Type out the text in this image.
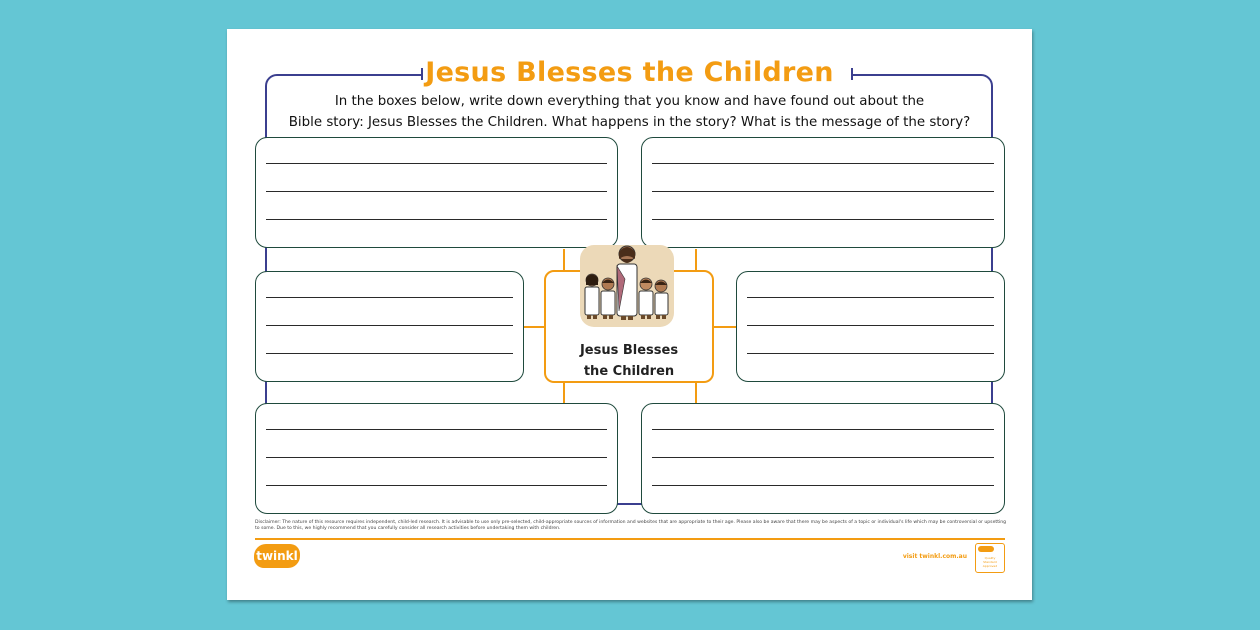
Jesus Blesses the Children
In the boxes below, write down everything that you know and have found out about the
Bible story: Jesus Blesses the Children. What happens in the story? What is the message of the story?
Jesus Blesses
the Children
Disclaimer: The nature of this resource requires independent, child-led research. It is advisable to use only pre-selected, child-appropriate sources of information and websites that are appropriate to their age. Please also be aware that there may be aspects of a topic or individual's life which may be controversial or upsetting to some. Due to this, we highly recommend that you carefully consider all research activities before undertaking them with children.
twinkl	visit twinkl.com.au	Quality Standard Approved
